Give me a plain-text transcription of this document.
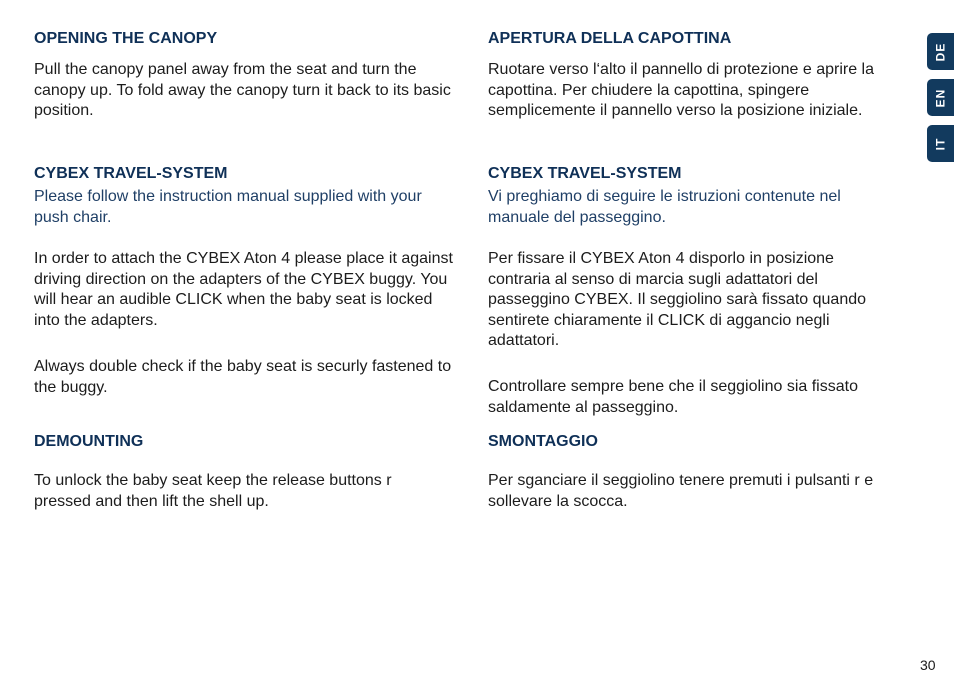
OPENING THE CANOPY

Pull the canopy panel away from the seat and turn the canopy up. To fold away the canopy turn it back to its basic position.

CYBEX TRAVEL-SYSTEM

Please follow the instruction manual supplied with your push chair.

In order to attach the CYBEX Aton 4 please place it against driving direction on the adapters of the CYBEX buggy. You will hear an audible CLICK when the baby seat is locked into the adapters.

Always double check if the baby seat is securly fastened to the buggy.

DEMOUNTING

To unlock the baby seat keep the release buttons r pressed and then lift the shell up.

APERTURA DELLA CAPOTTINA

Ruotare verso l‘alto il pannello di protezione e aprire la capottina. Per chiudere la capottina, spingere semplicemente il pannello verso la posizione iniziale.

CYBEX TRAVEL-SYSTEM

Vi preghiamo di seguire le istruzioni contenute nel manuale del passeggino.

Per fissare il CYBEX Aton 4 disporlo in posizione contraria al senso di marcia sugli adattatori del passeggino CYBEX. Il seggiolino sarà fissato quando sentirete chiaramente il CLICK di aggancio negli adattatori.

Controllare sempre bene che il seggiolino sia fissato saldamente al passeggino.

SMONTAGGIO

Per sganciare il seggiolino tenere premuti i pulsanti r e sollevare la scocca.

DE
EN
IT
30
